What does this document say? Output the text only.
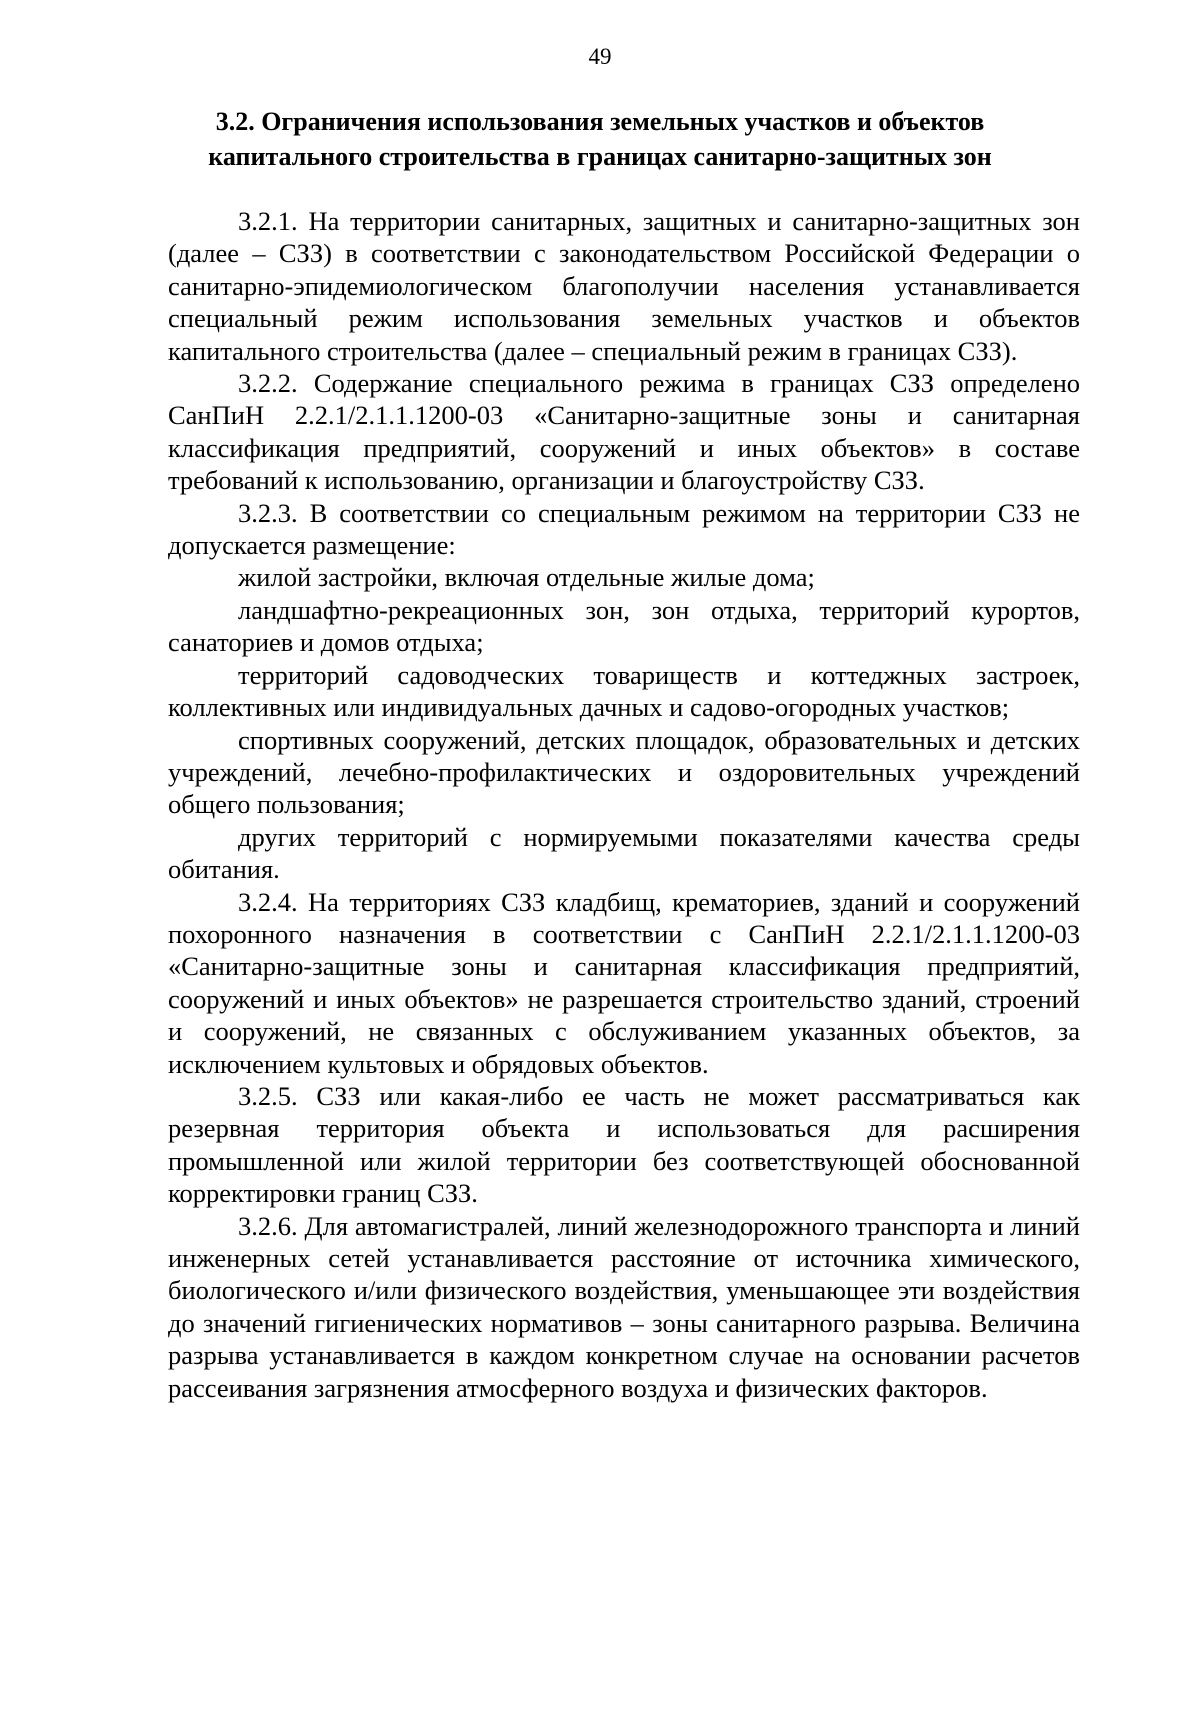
49
3.2. Ограничения использования земельных участков и объектов
капитального строительства в границах санитарно-защитных зон

3.2.1. На территории санитарных, защитных и санитарно-защитных зон (далее – СЗЗ) в соответствии с законодательством Российской Федерации о санитарно-эпидемиологическом благополучии населения устанавливается специальный режим использования земельных участков и объектов капитального строительства (далее – специальный режим в границах СЗЗ).

3.2.2. Содержание специального режима в границах СЗЗ определено СанПиН 2.2.1/2.1.1.1200-03 «Санитарно-защитные зоны и санитарная классификация предприятий, сооружений и иных объектов» в составе требований к использованию, организации и благоустройству СЗЗ.

3.2.3. В соответствии со специальным режимом на территории СЗЗ не допускается размещение:

жилой застройки, включая отдельные жилые дома;

ландшафтно-рекреационных зон, зон отдыха, территорий курортов, санаториев и домов отдыха;

территорий садоводческих товариществ и коттеджных застроек, коллективных или индивидуальных дачных и садово-огородных участков;

спортивных сооружений, детских площадок, образовательных и детских учреждений, лечебно-профилактических и оздоровительных учреждений общего пользования;

других территорий с нормируемыми показателями качества среды обитания.

3.2.4. На территориях СЗЗ кладбищ, крематориев, зданий и сооружений похоронного назначения в соответствии с СанПиН 2.2.1/2.1.1.1200-03 «Санитарно-защитные зоны и санитарная классификация предприятий, сооружений и иных объектов» не разрешается строительство зданий, строений и сооружений, не связанных с обслуживанием указанных объектов, за исключением культовых и обрядовых объектов.

3.2.5. СЗЗ или какая-либо ее часть не может рассматриваться как резервная территория объекта и использоваться для расширения промышленной или жилой территории без соответствующей обоснованной корректировки границ СЗЗ.

3.2.6. Для автомагистралей, линий железнодорожного транспорта и линий инженерных сетей устанавливается расстояние от источника химического, биологического и/или физического воздействия, уменьшающее эти воздействия до значений гигиенических нормативов – зоны санитарного разрыва. Величина разрыва устанавливается в каждом конкретном случае на основании расчетов рассеивания загрязнения атмосферного воздуха и физических факторов.
